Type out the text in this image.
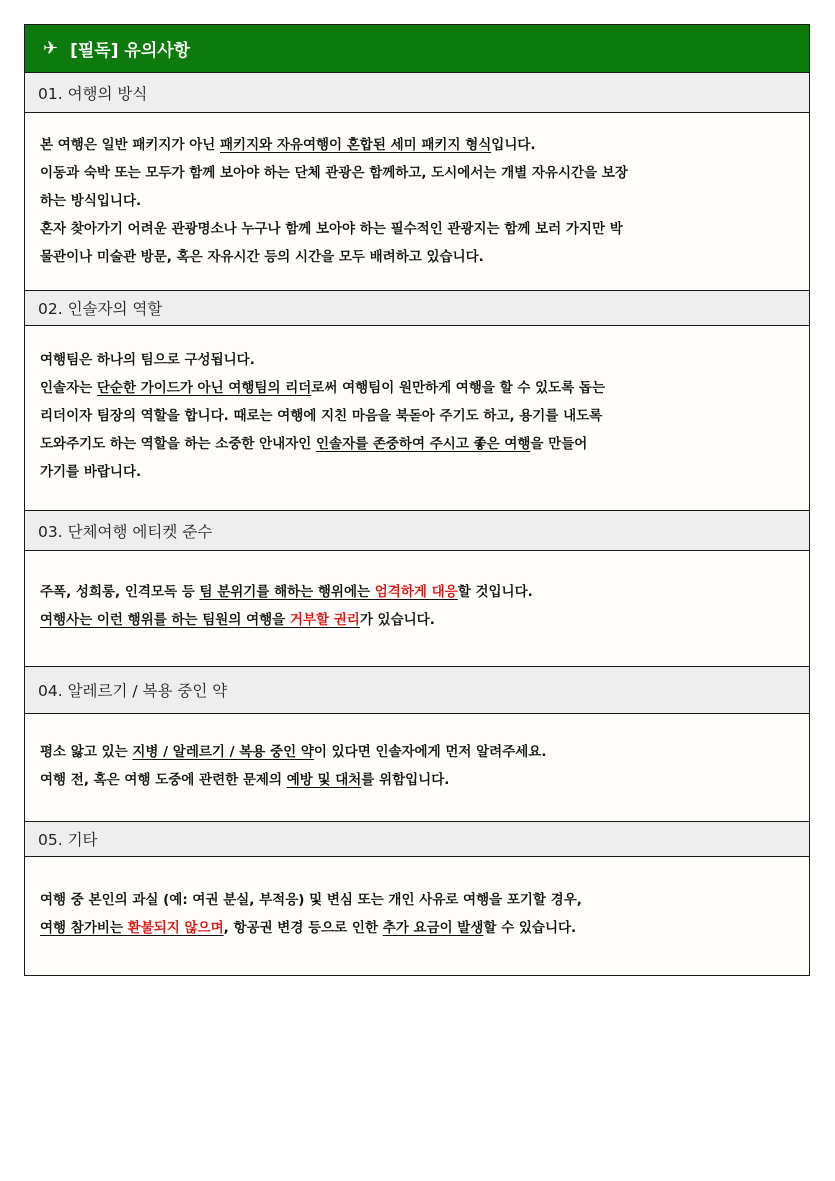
✈ [필독] 유의사항
01. 여행의 방식
본 여행은 일반 패키지가 아닌 패키지와 자유여행이 혼합된 세미 패키지 형식입니다.
이동과 숙박 또는 모두가 함께 보아야 하는 단체 관광은 함께하고, 도시에서는 개별 자유시간을 보장
하는 방식입니다.
혼자 찾아가기 어려운 관광명소나 누구나 함께 보아야 하는 필수적인 관광지는 함께 보러 가지만 박
물관이나 미술관 방문, 혹은 자유시간 등의 시간을 모두 배려하고 있습니다.
02. 인솔자의 역할
여행팀은 하나의 팀으로 구성됩니다.
인솔자는 단순한 가이드가 아닌 여행팀의 리더로써 여행팀이 원만하게 여행을 할 수 있도록 돕는
리더이자 팀장의 역할을 합니다. 때로는 여행에 지친 마음을 북돋아 주기도 하고, 용기를 내도록
도와주기도 하는 역할을 하는 소중한 안내자인 인솔자를 존중하여 주시고 좋은 여행을 만들어
가기를 바랍니다.
03. 단체여행 에티켓 준수
주폭, 성희롱, 인격모독 등 팀 분위기를 해하는 행위에는 엄격하게 대응할 것입니다.
여행사는 이런 행위를 하는 팀원의 여행을 거부할 권리가 있습니다.
04. 알레르기 / 복용 중인 약
평소 앓고 있는 지병 / 알레르기 / 복용 중인 약이 있다면 인솔자에게 먼저 알려주세요.
여행 전, 혹은 여행 도중에 관련한 문제의 예방 및 대처를 위함입니다.
05. 기타
여행 중 본인의 과실 (예: 여권 분실, 부적응) 및 변심 또는 개인 사유로 여행을 포기할 경우,
여행 참가비는 환불되지 않으며, 항공권 변경 등으로 인한 추가 요금이 발생할 수 있습니다.
